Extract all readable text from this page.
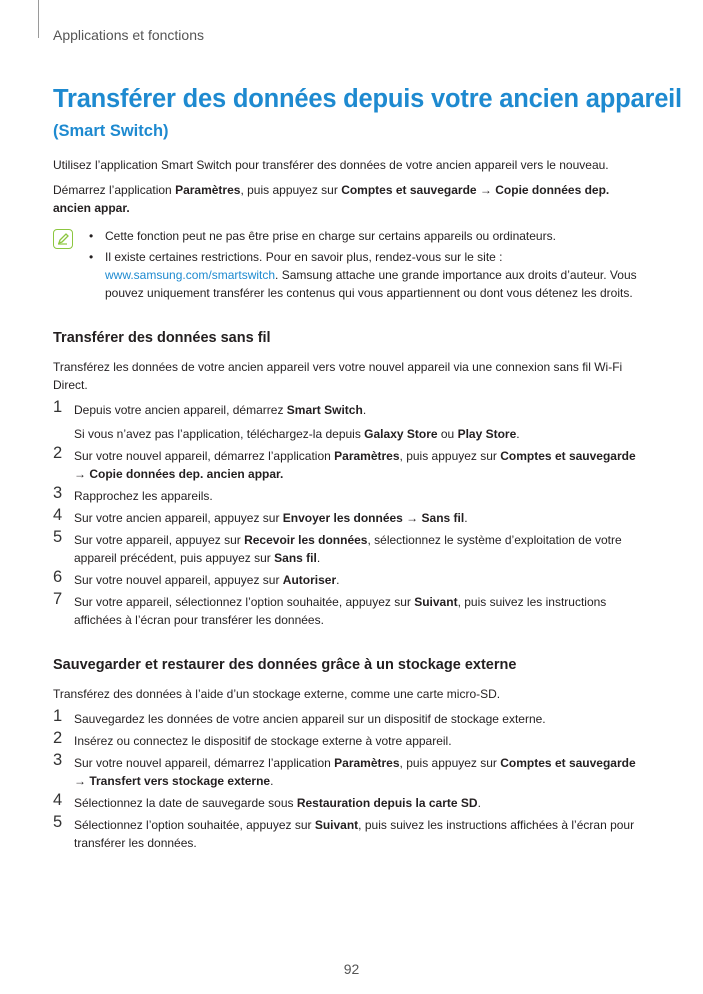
Applications et fonctions
Transférer des données depuis votre ancien appareil
(Smart Switch)

Utilisez l’application Smart Switch pour transférer des données de votre ancien appareil vers le nouveau.

Démarrez l’application Paramètres, puis appuyez sur Comptes et sauvegarde → Copie données dep. ancien appar.

• Cette fonction peut ne pas être prise en charge sur certains appareils ou ordinateurs.
• Il existe certaines restrictions. Pour en savoir plus, rendez-vous sur le site : www.samsung.com/smartswitch. Samsung attache une grande importance aux droits d’auteur. Vous pouvez uniquement transférer les contenus qui vous appartiennent ou dont vous détenez les droits.
Transférer des données sans fil

Transférez les données de votre ancien appareil vers votre nouvel appareil via une connexion sans fil Wi-Fi Direct.

1 Depuis votre ancien appareil, démarrez Smart Switch.
Si vous n’avez pas l’application, téléchargez-la depuis Galaxy Store ou Play Store.
2 Sur votre nouvel appareil, démarrez l’application Paramètres, puis appuyez sur Comptes et sauvegarde → Copie données dep. ancien appar.
3 Rapprochez les appareils.
4 Sur votre ancien appareil, appuyez sur Envoyer les données → Sans fil.
5 Sur votre appareil, appuyez sur Recevoir les données, sélectionnez le système d’exploitation de votre appareil précédent, puis appuyez sur Sans fil.
6 Sur votre nouvel appareil, appuyez sur Autoriser.
7 Sur votre appareil, sélectionnez l’option souhaitée, appuyez sur Suivant, puis suivez les instructions affichées à l’écran pour transférer les données.
Sauvegarder et restaurer des données grâce à un stockage externe

Transférez des données à l’aide d’un stockage externe, comme une carte micro-SD.

1 Sauvegardez les données de votre ancien appareil sur un dispositif de stockage externe.
2 Insérez ou connectez le dispositif de stockage externe à votre appareil.
3 Sur votre nouvel appareil, démarrez l’application Paramètres, puis appuyez sur Comptes et sauvegarde → Transfert vers stockage externe.
4 Sélectionnez la date de sauvegarde sous Restauration depuis la carte SD.
5 Sélectionnez l’option souhaitée, appuyez sur Suivant, puis suivez les instructions affichées à l’écran pour transférer les données.
92
